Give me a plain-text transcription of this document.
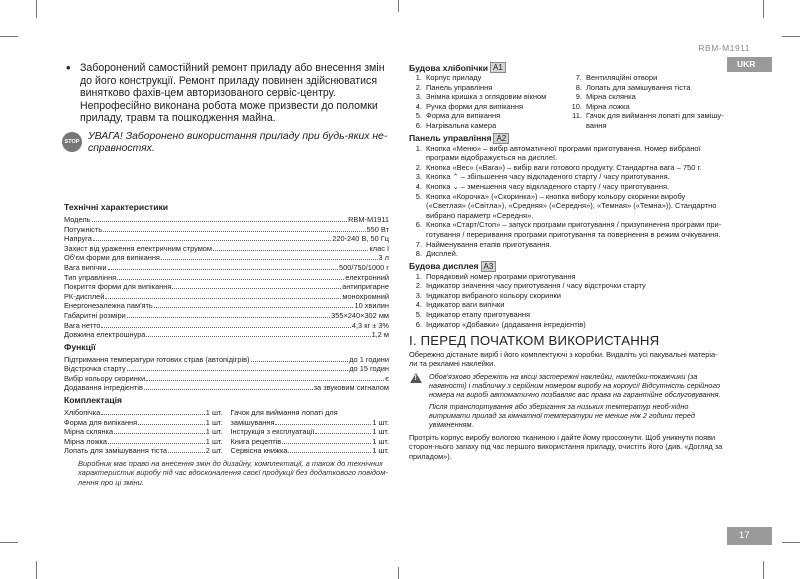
RBM-M1911
UKR
17
• Заборонений самостійний ремонт приладу або внесення змін до його конструкції. Ремонт приладу повинен здійснюватися винятково фахів-цем авторизованого сервіс-центру. Непрофесійно виконана робота може призвести до поломки приладу, травм та пошкодження майна.
STOP УВАГА! Заборонено використання приладу при будь-яких не-справностях.
Технічні характеристики
Модель	RBM-M1911
Потужність	550 Вт
Напруга	220-240 В, 50 Гц
Захист від ураження електричним струмом	клас I
Об'єм форми для випікання	3 л
Вага випічки	500/750/1000 г
Тип управління	електронний
Покриття форми для випікання	антипригарне
РК-дисплей	монохромний
Енергонезалежна пам'ять	10 хвилин
Габаритні розміри	355×240×302 мм
Вага нетто	4,3 кг ± 3%
Довжина електрошнура	1,2 м
Функції
Підтримання температури готових страв (автопідігрів)	до 1 години
Відстрочка старту	до 15 годин
Вибір кольору скоринки	є
Додавання інгредієнтів	за звуковим сигналом
Комплектація
Хлібопічка	1 шт.
Форма для випікання	1 шт.
Мірна склянка	1 шт.
Мірна ложка	1 шт.
Лопать для замішування тіста	2 шт.
Гачок для виймання лопаті для
замішування	1 шт.
Інструкція з експлуатації	1 шт.
Книга рецептів	1 шт.
Сервісна книжка	1 шт.
Виробник має право на внесення змін до дизайну, комплектації, а також до технічних характеристик виробу під час вдосконалення своєї продукції без додаткового повідом-лення про ці зміни.
Будова хлібопічки A1
1. Корпус приладу
2. Панель управління
3. Знімна кришка з оглядовим вікном
4. Ручка форми для випікання
5. Форма для випікання
6. Нагрівальна камера
7. Вентиляційні отвори
8. Лопать для замішування тіста
9. Мірна склянка
10. Мірна ложка
11. Гачок для виймання лопаті для замішу-вання
Панель управління A2
1. Кнопка «Меню» – вибір автоматичної програми приготування. Номер вибраної програми відображується на дисплеї.
2. Кнопка «Вес» («Вага») – вибір ваги готового продукту. Стандартна вага – 750 г.
3. Кнопка ⌃ – збільшення часу відкладеного старту / часу приготування.
4. Кнопка ⌄ – зменшення часу відкладеного старту / часу приготування.
5. Кнопка «Корочка» («Скоринка») – кнопка вибору кольору скоринки виробу («Светлая» («Світла»), «Средняя» («Середня»), «Темная» («Темна»)). Стандартно вибрано параметр «Середня».
6. Кнопка «Старт/Стоп» – запуск програми приготування / призупинення програми при-готування / переривання програми приготування та повернення в режим очікування.
7. Найменування етапів приготування.
8. Дисплей.
Будова дисплея A3
1. Порядковий номер програми приготування
2. Індикатор значення часу приготування / часу відстрочки старту
3. Індикатор вибраного кольору скоринки
4. Індикатор ваги випічки
5. Індикатор етапу приготування
6. Індикатор «Добавки» (додавання інгредієнтів)
I. ПЕРЕД ПОЧАТКОМ ВИКОРИСТАННЯ
Обережно дістаньте виріб і його комплектуючі з коробки. Видаліть усі пакувальні матеріа-ли та рекламні наклейки.
!
Обов'язково збережіть на місці застережні наклейки, наклейки-покажчики (за наявності) і табличку з серійним номером виробу на корпусі! Відсутність серійного номера на виробі автоматично позбавляє вас права на гарантійне обслуговування.
Після транспортування або зберігання за низьких температур необ-хідно витримати прилад за кімнатної температури не менше ніж 2 години перед увімкненням.
Протріть корпус виробу вологою тканиною і дайте йому просохнути. Щоб уникнути появи сторон-нього запаху під час першого використання приладу, очистіть його (див. «Догляд за приладом»).
